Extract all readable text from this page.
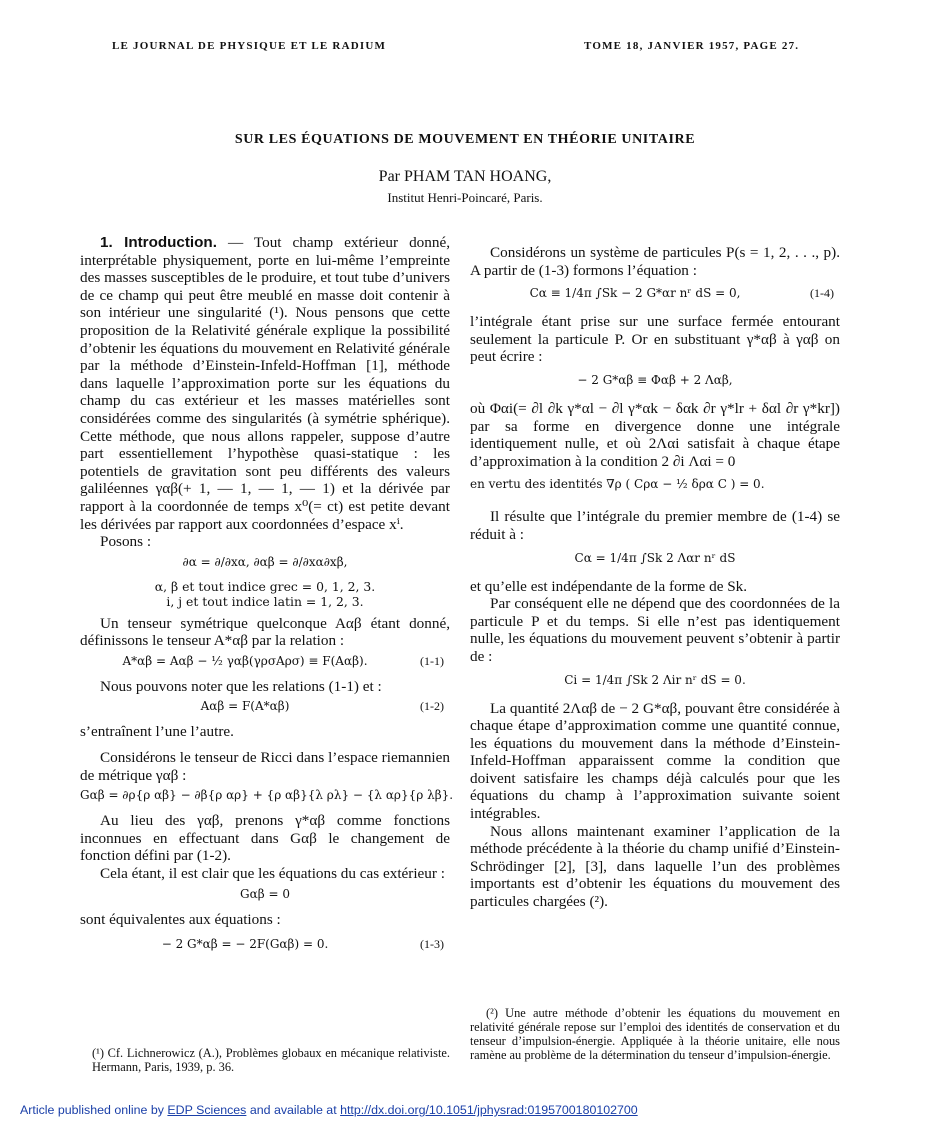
LE JOURNAL DE PHYSIQUE ET LE RADIUM	TOME 18, JANVIER 1957, PAGE 27.
SUR LES ÉQUATIONS DE MOUVEMENT EN THÉORIE UNITAIRE
Par PHAM TAN HOANG,
Institut Henri-Poincaré, Paris.

1. Introduction. — Tout champ extérieur donné, interprétable physiquement, porte en lui-même l’empreinte des masses susceptibles de le produire, et tout tube d’univers de ce champ qui peut être meublé en masse doit contenir à son intérieur une singularité (¹). Nous pensons que cette proposition de la Relativité générale explique la possibilité d’obtenir les équations du mouvement en Relativité générale par la méthode d’Einstein-Infeld-Hoffman [1], méthode dans laquelle l’approximation porte sur les équations du champ du cas extérieur et les masses matérielles sont considérées comme des singularités (à symétrie sphérique). Cette méthode, que nous allons rappeler, suppose d’autre part essentiellement l’hypothèse quasi-statique : les potentiels de gravitation sont peu différents des valeurs galiléennes γαβ(+ 1, — 1, — 1, — 1) et la dérivée par rapport à la coordonnée de temps x⁰(= ct) est petite devant les dérivées par rapport aux coordonnées d’espace xⁱ.

Posons :

∂α = ∂/∂xα, ∂αβ = ∂/∂xα∂xβ,

α, β et tout indice grec = 0, 1, 2, 3.

i, j et tout indice latin = 1, 2, 3.

Un tenseur symétrique quelconque Aαβ étant donné, définissons le tenseur A*αβ par la relation :

A*αβ = Aαβ − ½ γαβ(γρσAρσ) ≡ F(Aαβ).	(1-1)

Nous pouvons noter que les relations (1-1) et :

Aαβ = F(A*αβ)	(1-2)

s’entraînent l’une l’autre.

Considérons le tenseur de Ricci dans l’espace riemannien de métrique γαβ :

Gαβ = ∂ρ{ρ αβ} − ∂β{ρ αρ} + {ρ αβ}{λ ρλ} − {λ αρ}{ρ λβ}.

Au lieu des γαβ, prenons γ*αβ comme fonctions inconnues en effectuant dans Gαβ le changement de fonction défini par (1-2).

Cela étant, il est clair que les équations du cas extérieur :

Gαβ = 0

sont équivalentes aux équations :

− 2 G*αβ = − 2F(Gαβ) = 0.	(1-3)
(¹) Cf. Lichnerowicz (A.), Problèmes globaux en mécanique relativiste. Hermann, Paris, 1939, p. 36.

Considérons un système de particules P(s = 1, 2, . . ., p). A partir de (1-3) formons l’équation :

Cα ≡ 1/4π ∫Sk − 2 G*αr nʳ dS = 0,	(1-4)

l’intégrale étant prise sur une surface fermée entourant seulement la particule P. Or en substituant γ*αβ à γαβ on peut écrire :

− 2 G*αβ ≡ Φαβ + 2 Λαβ,

où Φαi(= ∂l ∂k γ*αl − ∂l γ*αk − δαk ∂r γ*lr + δαl ∂r γ*kr]) par sa forme en divergence donne une intégrale identiquement nulle, et où 2Λαi satisfait à chaque étape d’approximation à la condition 2 ∂i Λαi = 0

en vertu des identités ∇ρ ( Cρα − ½ δρα C ) = 0.

Il résulte que l’intégrale du premier membre de (1-4) se réduit à :

Cα = 1/4π ∫Sk 2 Λαr nʳ dS

et qu’elle est indépendante de la forme de Sk.

Par conséquent elle ne dépend que des coordonnées de la particule P et du temps. Si elle n’est pas identiquement nulle, les équations du mouvement peuvent s’obtenir à partir de :

Ci = 1/4π ∫Sk 2 Λir nʳ dS = 0.

La quantité 2Λαβ de − 2 G*αβ, pouvant être considérée à chaque étape d’approximation comme une quantité connue, les équations du mouvement dans la méthode d’Einstein-Infeld-Hoffman apparaissent comme la condition que doivent satisfaire les champs déjà calculés pour que les équations du champ à l’approximation suivante soient intégrables.

Nous allons maintenant examiner l’application de la méthode précédente à la théorie du champ unifié d’Einstein-Schrödinger [2], [3], dans laquelle l’un des problèmes importants est d’obtenir les équations du mouvement des particules chargées (²).

(²) Une autre méthode d’obtenir les équations du mouvement en relativité générale repose sur l’emploi des identités de conservation et du tenseur d’impulsion-énergie. Appliquée à la théorie unitaire, elle nous ramène au problème de la détermination du tenseur d’impulsion-énergie.
Article published online by EDP Sciences and available at http://dx.doi.org/10.1051/jphysrad:0195700180102700
